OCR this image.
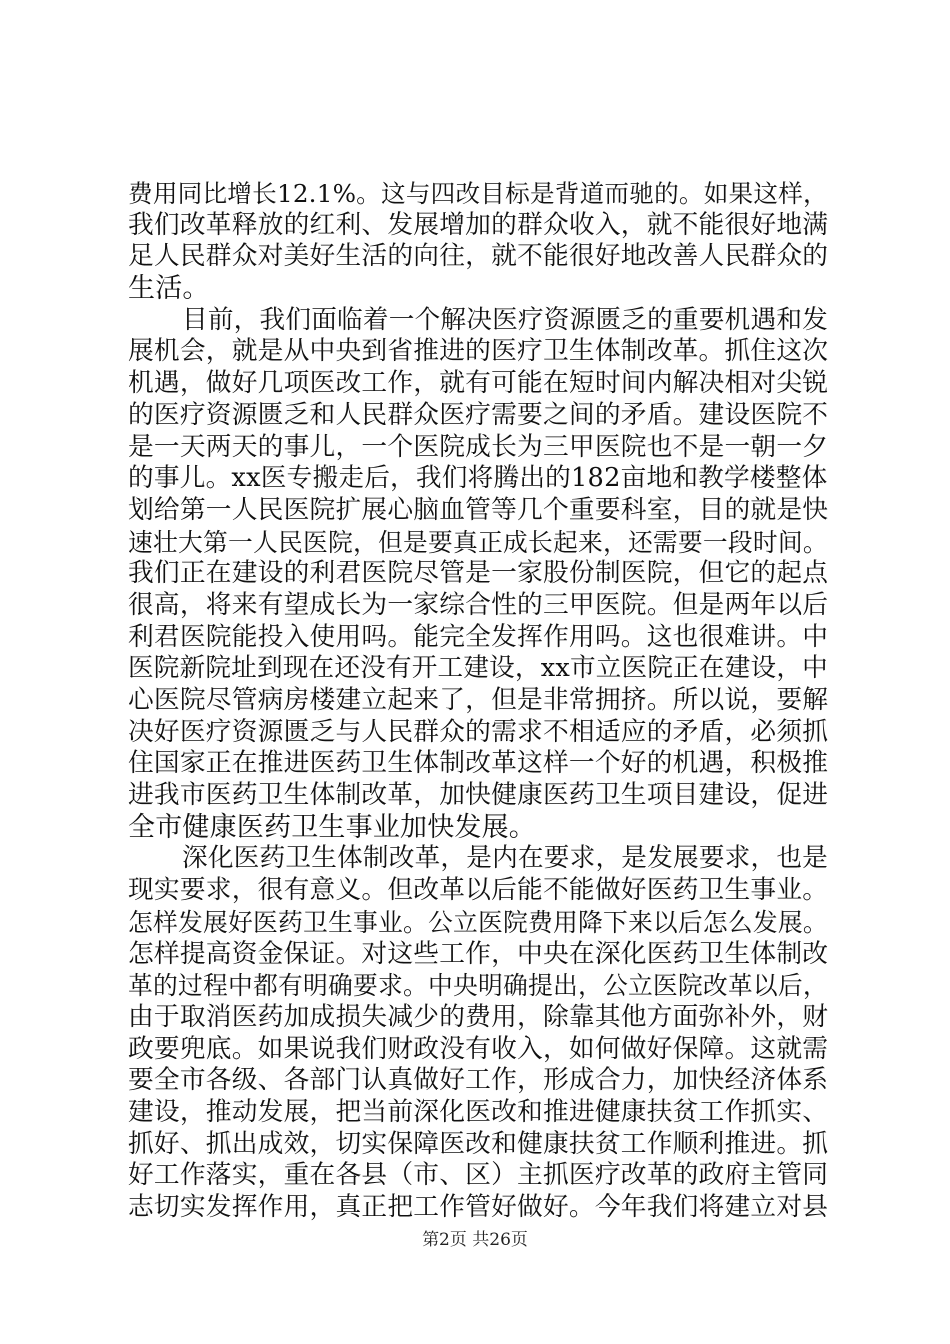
费用同比增长12.1%。这与四改目标是背道而驰的。如果这样，
我们改革释放的红利、发展增加的群众收入，就不能很好地满
足人民群众对美好生活的向往，就不能很好地改善人民群众的
生活。
目前，我们面临着一个解决医疗资源匮乏的重要机遇和发
展机会，就是从中央到省推进的医疗卫生体制改革。抓住这次
机遇，做好几项医改工作，就有可能在短时间内解决相对尖锐
的医疗资源匮乏和人民群众医疗需要之间的矛盾。建设医院不
是一天两天的事儿，一个医院成长为三甲医院也不是一朝一夕
的事儿。xx医专搬走后，我们将腾出的182亩地和教学楼整体
划给第一人民医院扩展心脑血管等几个重要科室，目的就是快
速壮大第一人民医院，但是要真正成长起来，还需要一段时间。
我们正在建设的利君医院尽管是一家股份制医院，但它的起点
很高，将来有望成长为一家综合性的三甲医院。但是两年以后
利君医院能投入使用吗。能完全发挥作用吗。这也很难讲。中
医院新院址到现在还没有开工建设，xx市立医院正在建设，中
心医院尽管病房楼建立起来了，但是非常拥挤。所以说，要解
决好医疗资源匮乏与人民群众的需求不相适应的矛盾，必须抓
住国家正在推进医药卫生体制改革这样一个好的机遇，积极推
进我市医药卫生体制改革，加快健康医药卫生项目建设，促进
全市健康医药卫生事业加快发展。
深化医药卫生体制改革，是内在要求，是发展要求，也是
现实要求，很有意义。但改革以后能不能做好医药卫生事业。
怎样发展好医药卫生事业。公立医院费用降下来以后怎么发展。
怎样提高资金保证。对这些工作，中央在深化医药卫生体制改
革的过程中都有明确要求。中央明确提出，公立医院改革以后，
由于取消医药加成损失减少的费用，除靠其他方面弥补外，财
政要兜底。如果说我们财政没有收入，如何做好保障。这就需
要全市各级、各部门认真做好工作，形成合力，加快经济体系
建设，推动发展，把当前深化医改和推进健康扶贫工作抓实、
抓好、抓出成效，切实保障医改和健康扶贫工作顺利推进。抓
好工作落实，重在各县（市、区）主抓医疗改革的政府主管同
志切实发挥作用，真正把工作管好做好。今年我们将建立对县
第2页 共26页
